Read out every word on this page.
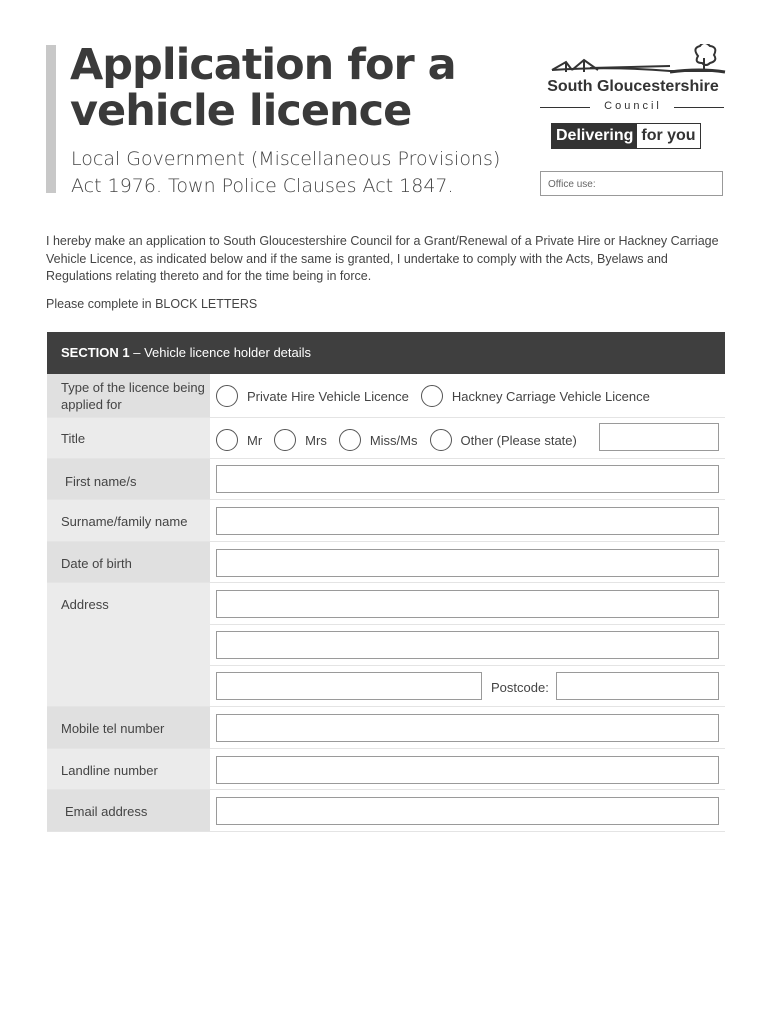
Application for a
vehicle licence
Local Government (Miscellaneous Provisions)
Act 1976. Town Police Clauses Act 1847.
South Gloucestershire
Council
Delivering for you
Office use:
I hereby make an application to South Gloucestershire Council for a Grant/Renewal of a Private Hire or Hackney Carriage Vehicle Licence, as indicated below and if the same is granted, I undertake to comply with the Acts, Byelaws and Regulations relating thereto and for the time being in force.
Please complete in BLOCK LETTERS
SECTION 1 – Vehicle licence holder details
Type of the licence being applied for
Private Hire Vehicle Licence	Hackney Carriage Vehicle Licence
Title	Mr	Mrs	Miss/Ms	Other (Please state)
First name/s
Surname/family name
Date of birth
Address
Postcode:
Mobile tel number
Landline number
Email address
